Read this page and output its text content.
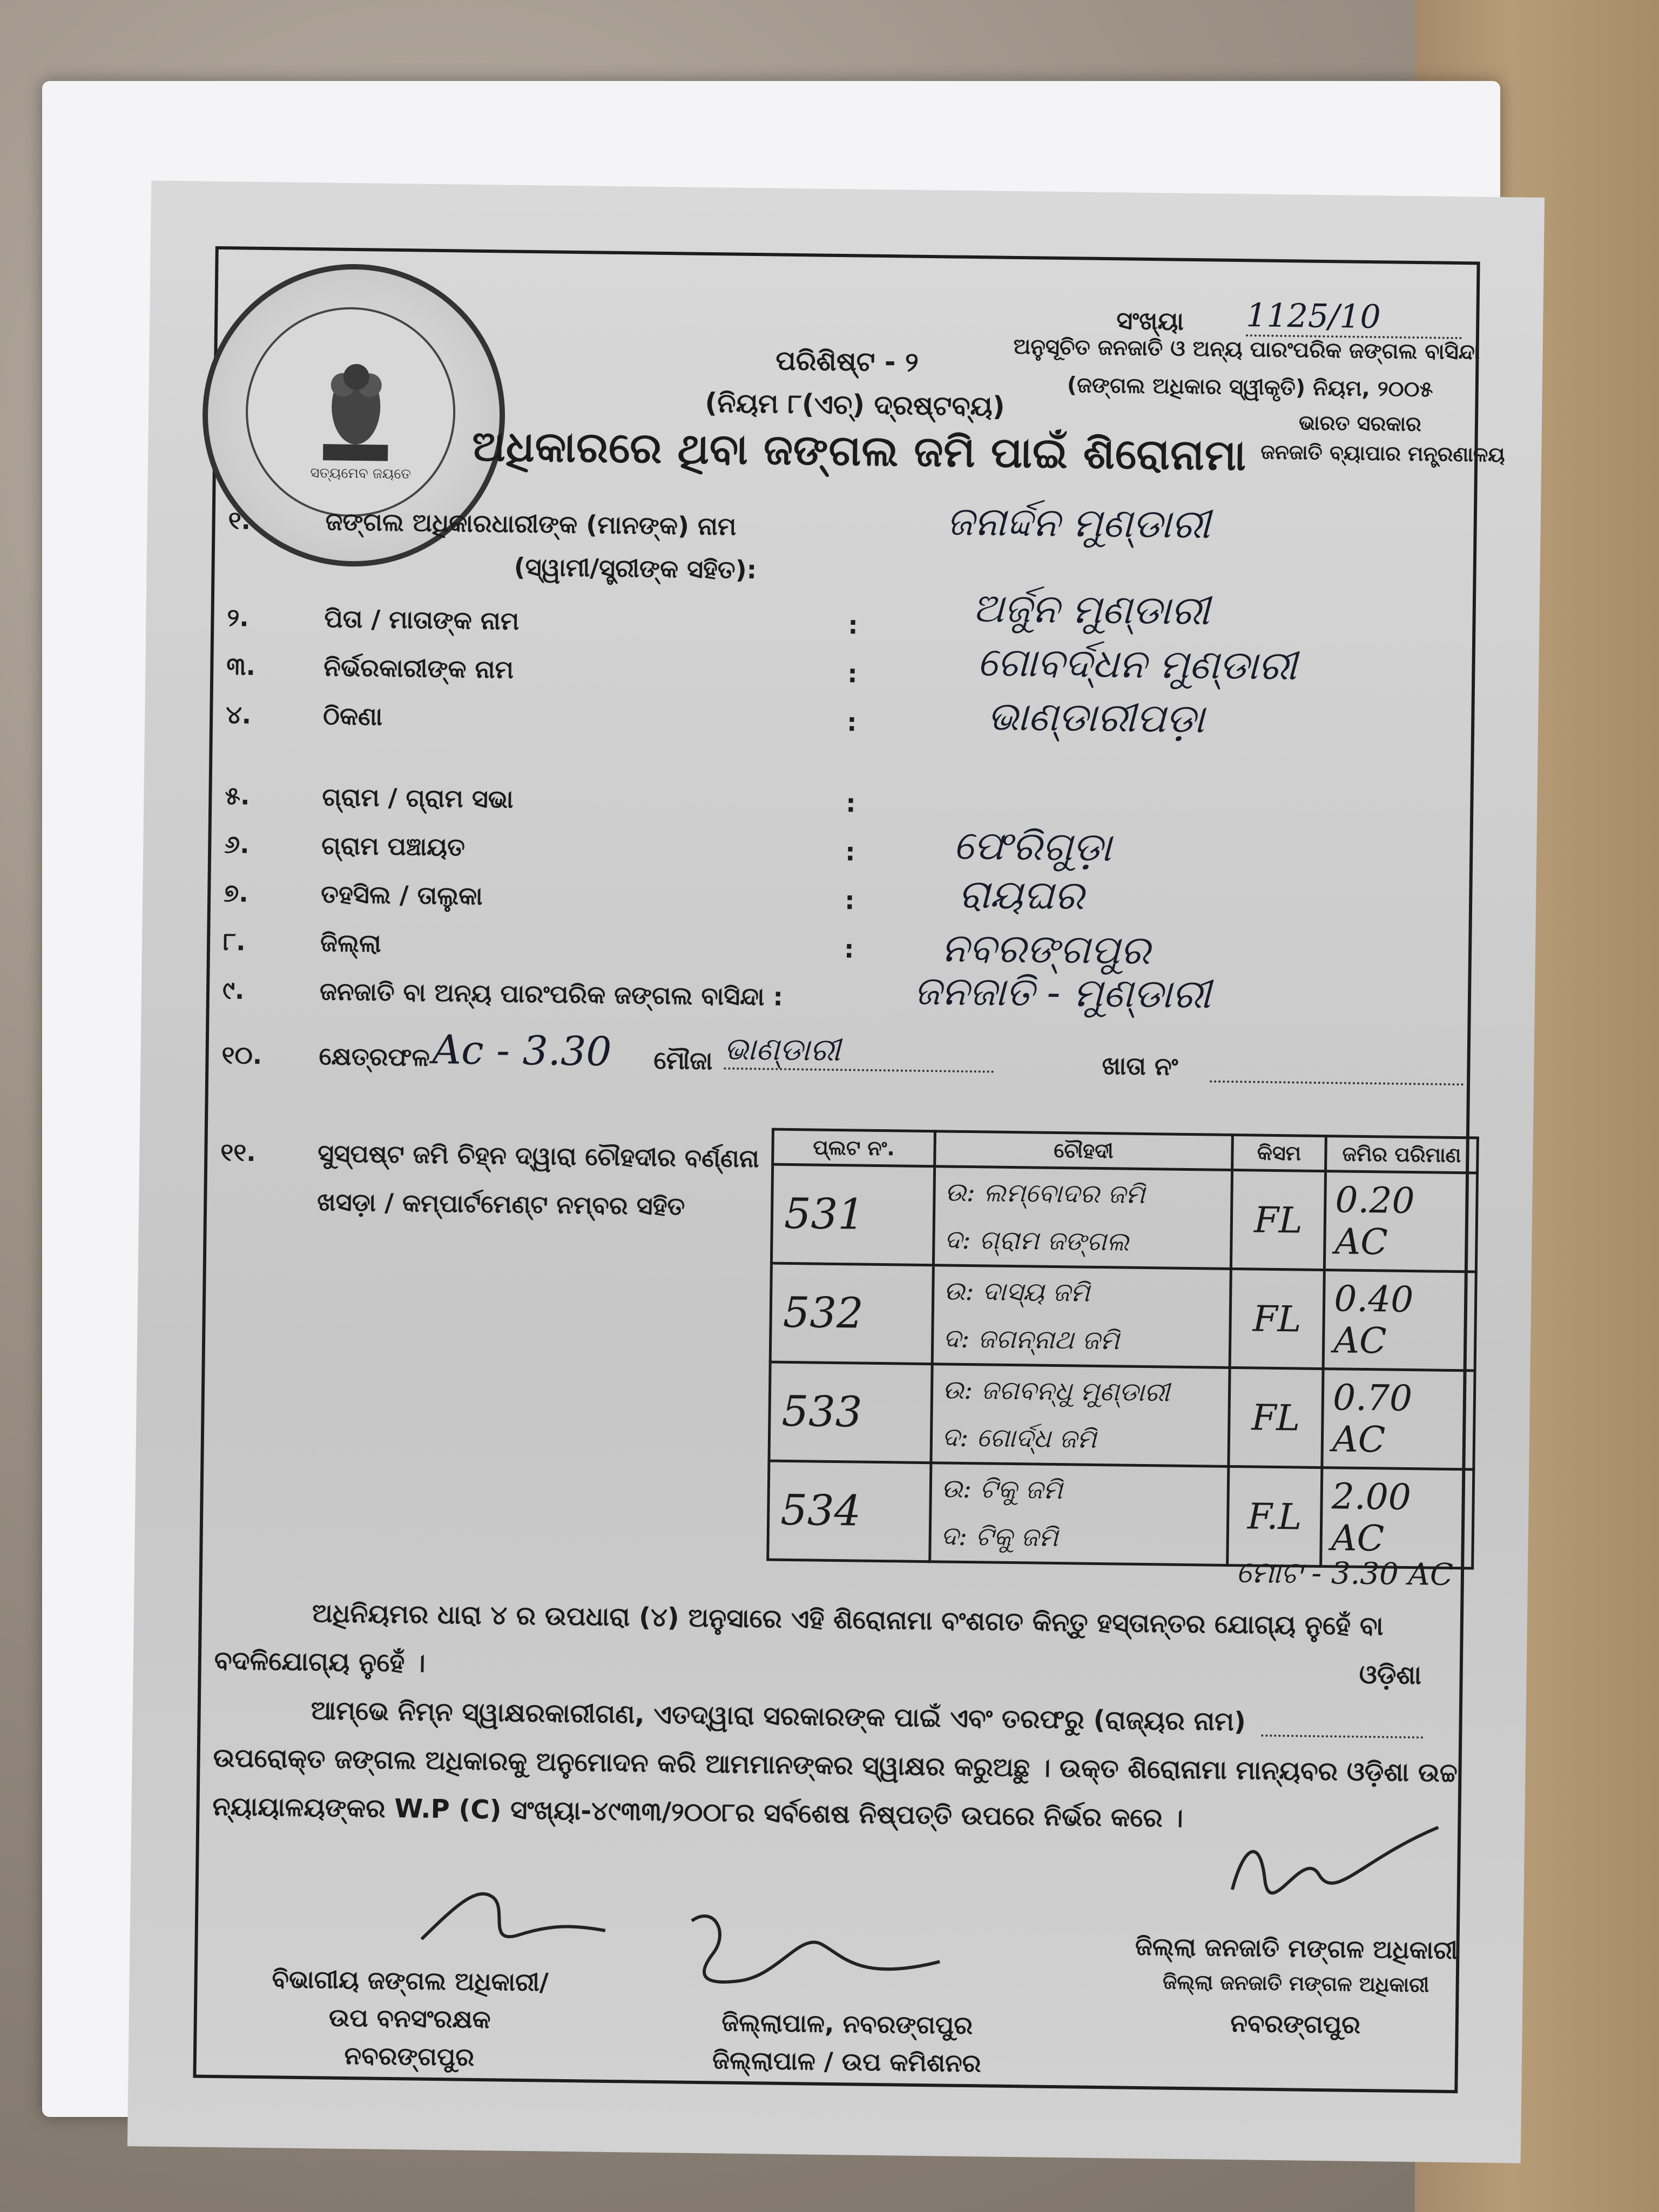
ସତ୍ୟମେବ ଜୟତେ
ସଂଖ୍ୟା 1125/10
ଅନୁସୂଚିତ ଜନଜାତି ଓ ଅନ୍ୟ ପାରଂପରିକ ଜଙ୍ଗଲ ବାସିନ୍ଦା
(ଜଙ୍ଗଲ ଅଧିକାର ସ୍ୱୀକୃତି) ନିୟମ, ୨୦୦୫
ଭାରତ ସରକାର
ଜନଜାତି ବ୍ୟାପାର ମନ୍ତ୍ରଣାଳୟ
ପରିଶିଷ୍ଟ - ୨
(ନିୟମ ୮(ଏଚ୍) ଦ୍ରଷ୍ଟବ୍ୟ)
ଅଧିକାରରେ ଥିବା ଜଙ୍ଗଲ ଜମି ପାଇଁ ଶିରୋନାମା
୧.	ଜଙ୍ଗଲ ଅଧିକାରଧାରୀଙ୍କ (ମାନଙ୍କ) ନାମ
(ସ୍ୱାମୀ/ସ୍ତ୍ରୀଙ୍କ ସହିତ):
ଜନାର୍ଦ୍ଦନ ମୁଣ୍ଡାରୀ
୨.	ପିତା / ମାତାଙ୍କ ନାମ	:	ଅର୍ଜୁନ ମୁଣ୍ଡାରୀ
୩.	ନିର୍ଭରକାରୀଙ୍କ ନାମ	:	ଗୋବର୍ଦ୍ଧନ ମୁଣ୍ଡାରୀ
୪.	ଠିକଣା	:	ଭାଣ୍ଡାରୀପଡ଼ା
୫.	ଗ୍ରାମ / ଗ୍ରାମ ସଭା	:
୬.	ଗ୍ରାମ ପଞ୍ଚାୟତ	: ଫେରିଗୁଡ଼ା
୭.	ତହସିଲ / ତାଲୁକା	:	ରାୟଘର
୮.	ଜିଲ୍ଲା	: ନବରଙ୍ଗପୁର
୯.	ଜନଜାତି ବା ଅନ୍ୟ ପାରଂପରିକ ଜଙ୍ଗଲ ବାସିନ୍ଦା :	ଜନଜାତି - ମୁଣ୍ଡାରୀ
୧୦. କ୍ଷେତ୍ରଫଳ Ac - 3.30 ମୌଜା ଭାଣ୍ଡାରୀ	ଖାତା ନଂ
୧୧. ସୁସ୍ପଷ୍ଟ ଜମି ଚିହ୍ନ ଦ୍ୱାରା ଚୌହଦୀର ବର୍ଣ୍ଣନା
ଖସଡ଼ା / କମ୍ପାର୍ଟମେଣ୍ଟ ନମ୍ବର ସହିତ
ପ୍ଲଟ ନଂ.	ଚୌହଦୀ	କିସମ	ଜମିର ପରିମାଣ
531	ଉ: ଲମ୍ବୋଦର ଜମି
ଦ: ଗ୍ରାମ ଜଙ୍ଗଲ	FL	0.20 AC
532	ଉ: ଦାସ୍ୟ ଜମି
ଦ: ଜଗନ୍ନାଥ ଜମି	FL	0.40 AC
533	ଉ: ଜଗବନ୍ଧୁ ମୁଣ୍ଡାରୀ
ଦ: ଗୋର୍ଦ୍ଧ ଜମି	FL	0.70 AC
534	ଉ: ଟିକୁ ଜମି
ଦ: ଟିକୁ ଜମି	F.L	2.00 AC
ମୋଟ - 3.30 AC
ଅଧିନିୟମର ଧାରା ୪ ର ଉପଧାରା (୪) ଅନୁସାରେ ଏହି ଶିରୋନାମା ବଂଶଗତ କିନ୍ତୁ ହସ୍ତାନ୍ତର ଯୋଗ୍ୟ ନୁହେଁ ବା
ବଦଳିଯୋଗ୍ୟ ନୁହେଁ ।
ଆମ୍ଭେ ନିମ୍ନ ସ୍ୱାକ୍ଷରକାରୀଗଣ, ଏତଦ୍ୱାରା ସରକାରଙ୍କ ପାଇଁ ଏବଂ ତରଫରୁ (ରାଜ୍ୟର ନାମ)
ଓଡ଼ିଶା
ଉପରୋକ୍ତ ଜଙ୍ଗଲ ଅଧିକାରକୁ ଅନୁମୋଦନ କରି ଆମମାନଙ୍କର ସ୍ୱାକ୍ଷର କରୁଅଛୁ । ଉକ୍ତ ଶିରୋନାମା ମାନ୍ୟବର ଓଡ଼ିଶା ଉଚ୍ଚ
ନ୍ୟାୟାଳୟଙ୍କର W.P (C) ସଂଖ୍ୟା-୪୯୩୩/୨୦୦୮ର ସର୍ବଶେଷ ନିଷ୍ପତ୍ତି ଉପରେ ନିର୍ଭର କରେ ।
ବିଭାଗୀୟ ଜଙ୍ଗଲ ଅଧିକାରୀ/
ଉପ ବନସଂରକ୍ଷକ
ନବରଙ୍ଗପୁର
ଜିଲ୍ଲାପାଳ, ନବରଙ୍ଗପୁର
ଜିଲ୍ଲାପାଳ / ଉପ କମିଶନର
ଜିଲ୍ଲା ଜନଜାତି ମଙ୍ଗଳ ଅଧିକାରୀ
ଜିଲ୍ଲା ଜନଜାତି ମଙ୍ଗଳ ଅଧିକାରୀ
ନବରଙ୍ଗପୁର
